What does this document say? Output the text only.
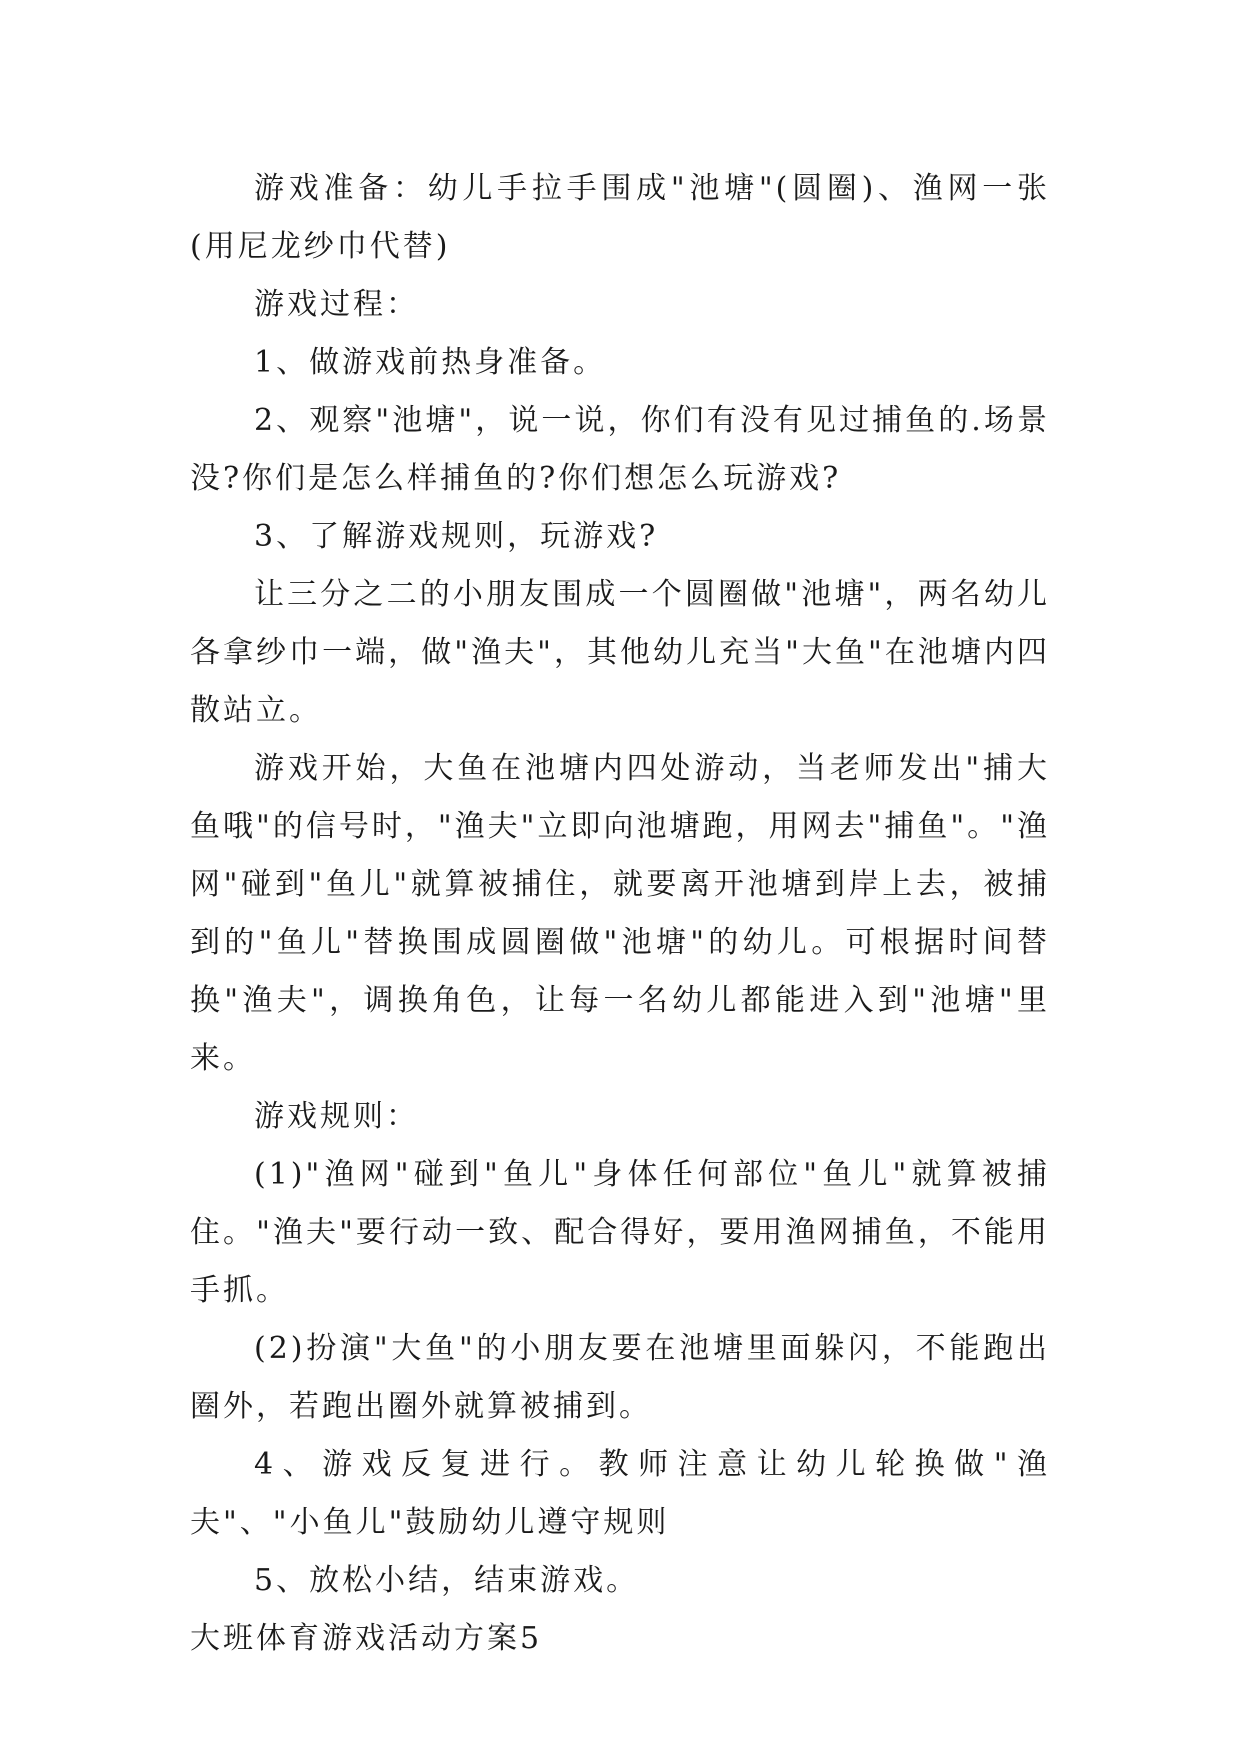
游戏准备：幼儿手拉手围成"池塘"(圆圈)、渔网一张(用尼龙纱巾代替)

游戏过程：

1、做游戏前热身准备。

2、观察"池塘"，说一说，你们有没有见过捕鱼的.场景没?你们是怎么样捕鱼的?你们想怎么玩游戏?

3、了解游戏规则，玩游戏?

让三分之二的小朋友围成一个圆圈做"池塘"，两名幼儿各拿纱巾一端，做"渔夫"，其他幼儿充当"大鱼"在池塘内四散站立。

游戏开始，大鱼在池塘内四处游动，当老师发出"捕大鱼哦"的信号时，"渔夫"立即向池塘跑，用网去"捕鱼"。"渔网"碰到"鱼儿"就算被捕住，就要离开池塘到岸上去，被捕到的"鱼儿"替换围成圆圈做"池塘"的幼儿。可根据时间替换"渔夫"，调换角色，让每一名幼儿都能进入到"池塘"里来。

游戏规则：

(1)"渔网"碰到"鱼儿"身体任何部位"鱼儿"就算被捕住。"渔夫"要行动一致、配合得好，要用渔网捕鱼，不能用手抓。

(2)扮演"大鱼"的小朋友要在池塘里面躲闪，不能跑出圈外，若跑出圈外就算被捕到。

4、游戏反复进行。教师注意让幼儿轮换做"渔夫"、"小鱼儿"鼓励幼儿遵守规则

5、放松小结，结束游戏。

大班体育游戏活动方案5
